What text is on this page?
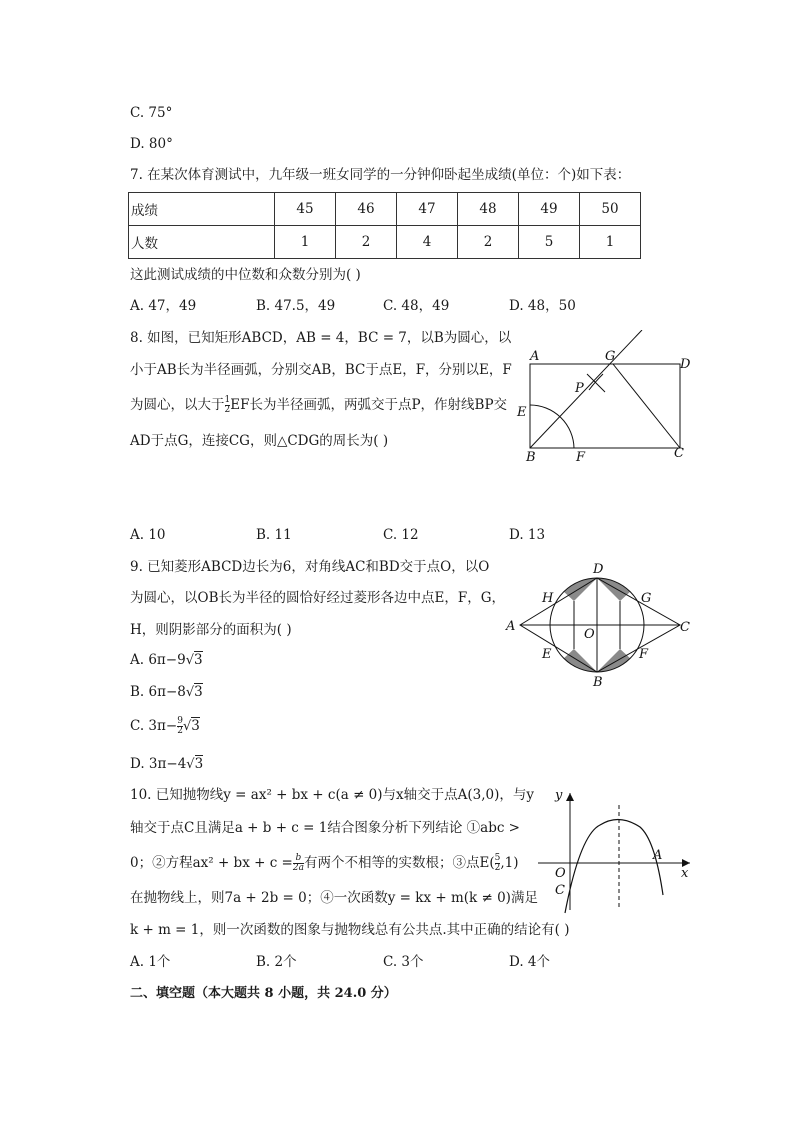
C. 75°
D. 80°
7. 在某次体育测试中，九年级一班女同学的一分钟仰卧起坐成绩(单位：个)如下表：
成绩	45	46	47	48	49	50
人数	1	2	4	2	5	1
这此测试成绩的中位数和众数分别为( )
A. 47，49	B. 47.5，49	C. 48，49	D. 48，50
8. 如图，已知矩形ABCD，AB = 4，BC = 7，以B为圆心，以
小于AB长为半径画弧，分别交AB，BC于点E，F，分别以E，F
为圆心，以大于 $\frac{1}{2}$ EF长为半径画弧，两弧交于点P，作射线BP交
AD于点G，连接CG，则△CDG的周长为( )
A	G
D
P
E
B	F	C
A. 10	B. 11	C. 12	D. 13
9. 已知菱形ABCD边长为6，对角线AC和BD交于点O，以O
为圆心，以OB长为半径的圆恰好经过菱形各边中点E，F，G，
H，则阴影部分的面积为( )
A. 6π−9√3
B. 6π−8√3
C. $3\pi- \frac{9}{2} √3$
D. 3π−4√3
D
H	G
A
O	C
E	F
B
10. 已知抛物线y = ax² + bx + c(a ≠ 0)与x轴交于点A(3,0)，与y
轴交于点C且满足a + b + c = 1结合图象分析下列结论 ①abc >
0；②方程ax² + bx + $c = \frac{b}{2a}$ 有两个不相等的实数根；③点$E( \frac{5}{2} ,1)$
在抛物线上，则7a + 2b = 0；④一次函数y = kx + m(k ≠ 0)满足
k + m = 1，则一次函数的图象与抛物线总有公共点.其中正确的结论有( )
y
x
O
C
A
A. 1个	B. 2个	C. 3个	D. 4个
二、填空题（本大题共 8 小题，共 24.0 分）
